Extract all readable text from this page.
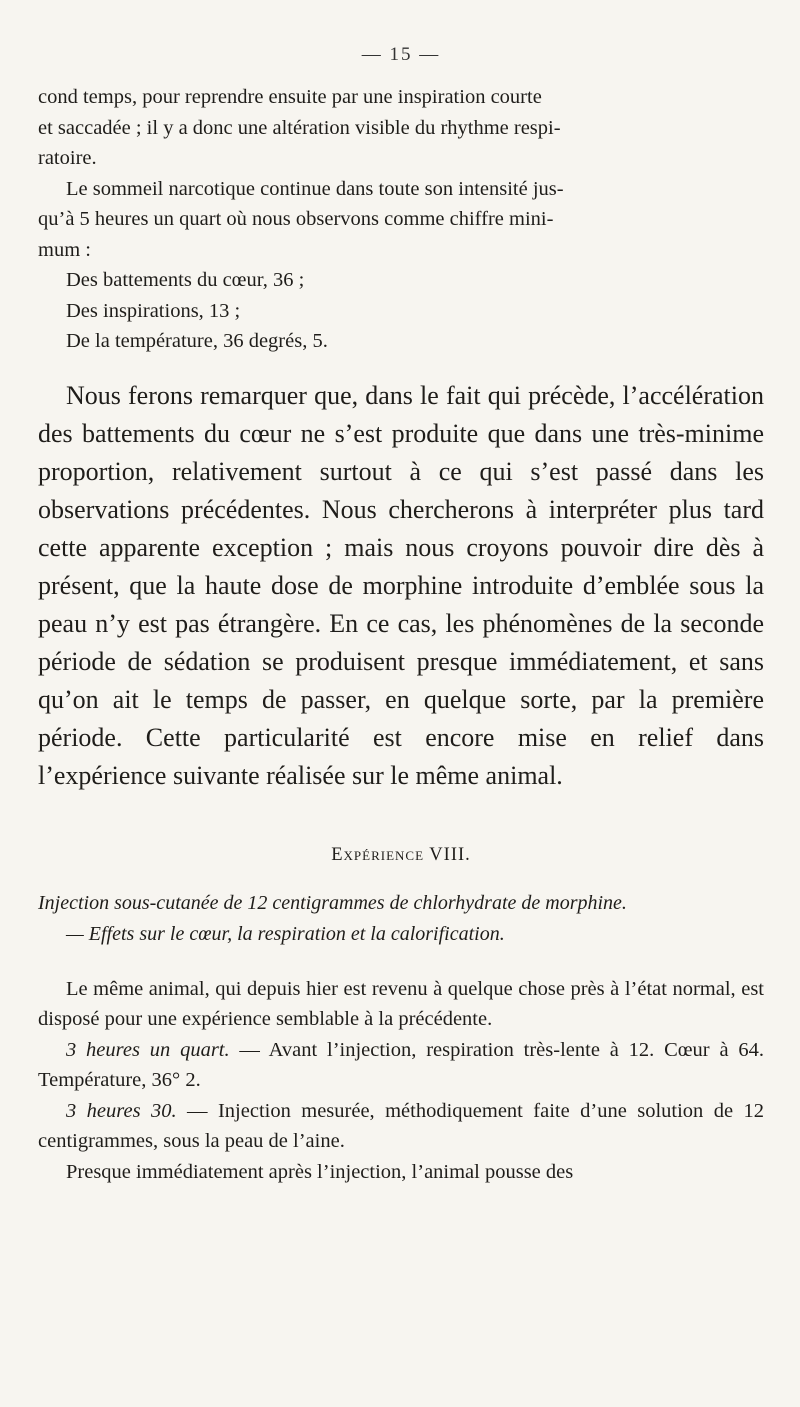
— 15 —

cond temps, pour reprendre ensuite par une inspiration courte

et saccadée ; il y a donc une altération visible du rhythme respi-

ratoire.

Le sommeil narcotique continue dans toute son intensité jus-

qu’à 5 heures un quart où nous observons comme chiffre mini-

mum :

Des battements du cœur, 36 ;

Des inspirations, 13 ;

De la température, 36 degrés, 5.

Nous ferons remarquer que, dans le fait qui précède, l’accélération des battements du cœur ne s’est produite que dans une très-minime proportion, relativement surtout à ce qui s’est passé dans les observations précédentes. Nous chercherons à interpréter plus tard cette apparente exception ; mais nous croyons pouvoir dire dès à présent, que la haute dose de morphine introduite d’emblée sous la peau n’y est pas étrangère. En ce cas, les phénomènes de la seconde période de sédation se produisent presque immédiatement, et sans qu’on ait le temps de passer, en quelque sorte, par la première période. Cette particularité est encore mise en relief dans l’expérience suivante réalisée sur le même animal.

Expérience VIII.
Injection sous-cutanée de 12 centigrammes de chlorhydrate de morphine.
— Effets sur le cœur, la respiration et la calorification.

Le même animal, qui depuis hier est revenu à quelque chose près à l’état normal, est disposé pour une expérience semblable à la précédente.

3 heures un quart. — Avant l’injection, respiration très-lente à 12. Cœur à 64. Température, 36° 2.

3 heures 30. — Injection mesurée, méthodiquement faite d’une solution de 12 centigrammes, sous la peau de l’aine.

Presque immédiatement après l’injection, l’animal pousse des
